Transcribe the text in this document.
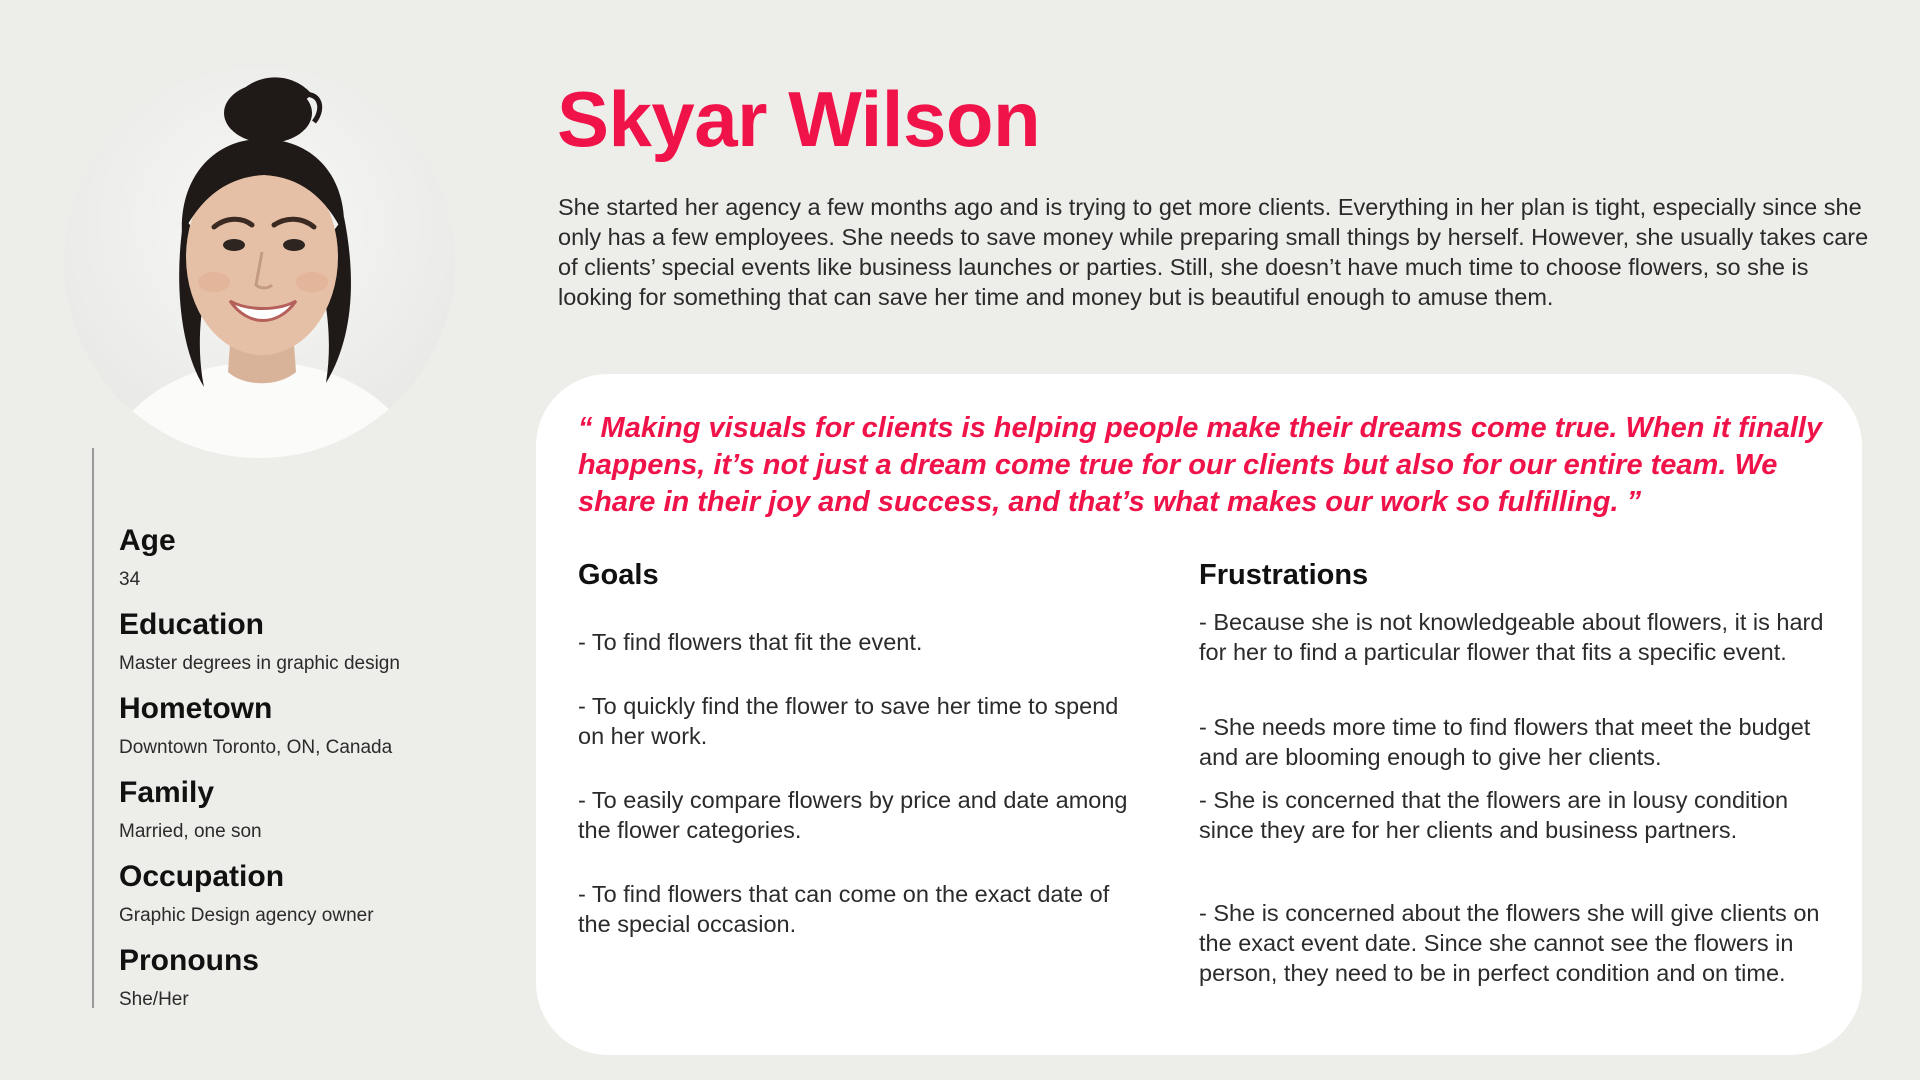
Age

34

Education

Master degrees in graphic design

Hometown

Downtown Toronto, ON, Canada

Family

Married, one son

Occupation

Graphic Design agency owner

Pronouns

She/Her

Skyar Wilson

She started her agency a few months ago and is trying to get more clients. Everything in her plan is tight, especially since she only has a few employees. She needs to save money while preparing small things by herself. However, she usually takes care of clients’ special events like business launches or parties. Still, she doesn’t have much time to choose flowers, so she is looking for something that can save her time and money but is beautiful enough to amuse them.

“ Making visuals for clients is helping people make their dreams come true. When it finally happens, it’s not just a dream come true for our clients but also for our entire team. We share in their joy and success, and that’s what makes our work so fulfilling. ”

Goals	Frustrations

- To find flowers that fit the event.

- To quickly find the flower to save her time to spend on her work.

- To easily compare flowers by price and date among the flower categories.

- To find flowers that can come on the exact date of the special occasion.

- Because she is not knowledgeable about flowers, it is hard for her to find a particular flower that fits a specific event.

- She needs more time to find flowers that meet the budget and are blooming enough to give her clients.

- She is concerned that the flowers are in lousy condition since they are for her clients and business partners.

- She is concerned about the flowers she will give clients on the exact event date. Since she cannot see the flowers in person, they need to be in perfect condition and on time.
